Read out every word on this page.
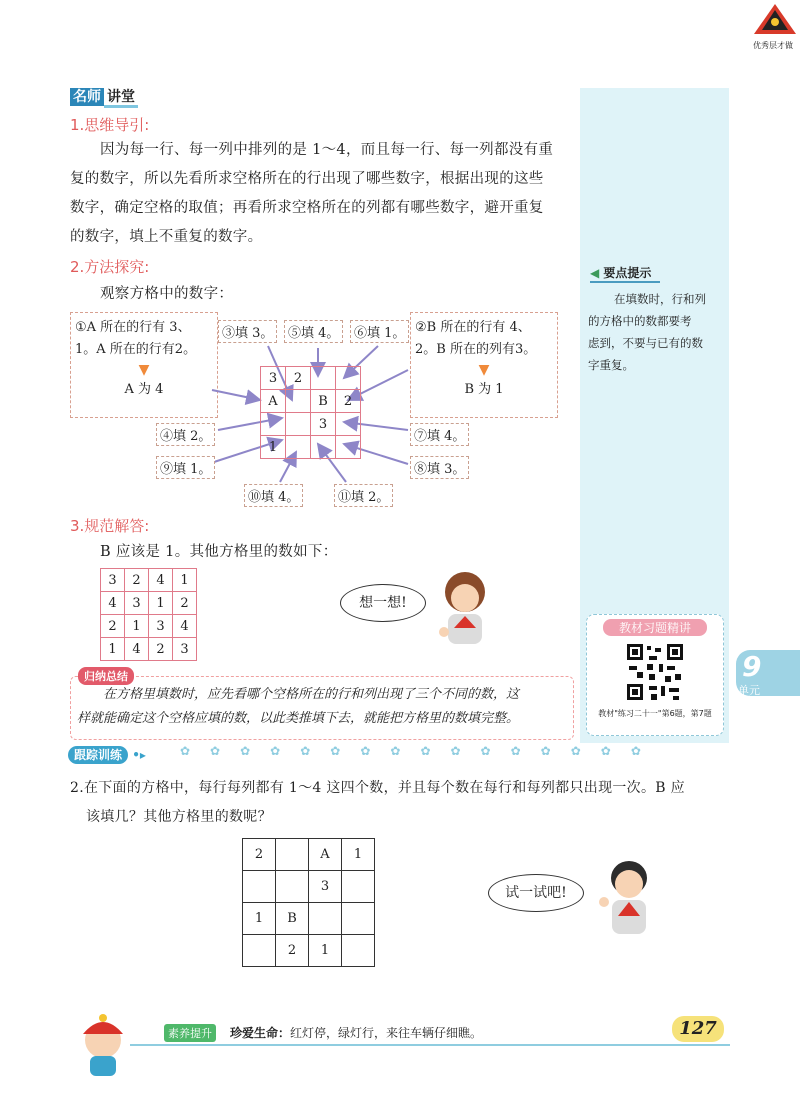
优秀层才做
名师 讲堂
1.思维导引:
因为每一行、每一列中排列的是 1～4，而且每一行、每一列都没有重
复的数字，所以先看所求空格所在的行出现了哪些数字，根据出现的这些
数字，确定空格的取值；再看所求空格所在的列都有哪些数字，避开重复
的数字，填上不重复的数字。
2.方法探究:
观察方格中的数字：
①A 所在的行有 3、
1。A 所在的行有2。
▼
A 为 4
②B 所在的行有 4、
2。B 所在的列有3。
▼
B 为 1
3	2		
A		B	2
		3	
1			
③填 3。	⑤填 4。	⑥填 1。
④填 2。	⑦填 4。
⑨填 1。	⑧填 3。
⑩填 4。	⑪填 2。
3.规范解答:
B 应该是 1。其他方格里的数如下：
3	2	4	1
4	3	1	2
2	1	3	4
1	4	2	3
想一想!
在方格里填数时，应先看哪个空格所在的行和列出现了三个不同的数，这
样就能确定这个空格应填的数，以此类推填下去，就能把方格里的数填完整。
归纳总结
◀ 要点提示
在填数时，行和列
的方格中的数都要考
虑到，不要与已有的数
字重复。
教材习题精讲
教材"练习二十一"第6题，第7题
9
单元
跟踪训练 •▸	✿✿✿✿✿✿✿✿✿✿✿✿✿✿✿✿
2.在下面的方格中，每行每列都有 1～4 这四个数，并且每个数在每行和每列都只出现一次。B 应
该填几？其他方格里的数呢？
2		A	1
		3	
1	B		
	2	1	
试一试吧!
素养提升	珍爱生命：红灯停，绿灯行，来往车辆仔细瞧。	127
